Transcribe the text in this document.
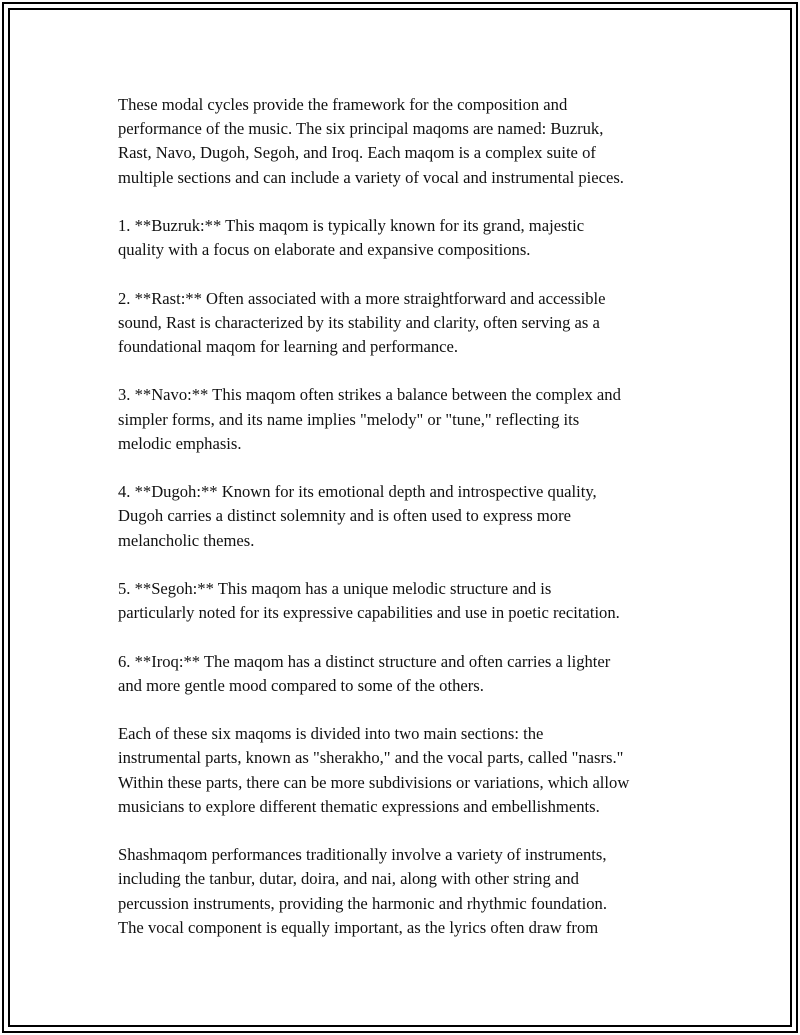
These modal cycles provide the framework for the composition and
performance of the music. The six principal maqoms are named: Buzruk,
Rast, Navo, Dugoh, Segoh, and Iroq. Each maqom is a complex suite of
multiple sections and can include a variety of vocal and instrumental pieces.

1. **Buzruk:** This maqom is typically known for its grand, majestic
quality with a focus on elaborate and expansive compositions.

2. **Rast:** Often associated with a more straightforward and accessible
sound, Rast is characterized by its stability and clarity, often serving as a
foundational maqom for learning and performance.

3. **Navo:** This maqom often strikes a balance between the complex and
simpler forms, and its name implies "melody" or "tune," reflecting its
melodic emphasis.

4. **Dugoh:** Known for its emotional depth and introspective quality,
Dugoh carries a distinct solemnity and is often used to express more
melancholic themes.

5. **Segoh:** This maqom has a unique melodic structure and is
particularly noted for its expressive capabilities and use in poetic recitation.

6. **Iroq:** The maqom has a distinct structure and often carries a lighter
and more gentle mood compared to some of the others.

Each of these six maqoms is divided into two main sections: the
instrumental parts, known as "sherakho," and the vocal parts, called "nasrs."
Within these parts, there can be more subdivisions or variations, which allow
musicians to explore different thematic expressions and embellishments.

Shashmaqom performances traditionally involve a variety of instruments,
including the tanbur, dutar, doira, and nai, along with other string and
percussion instruments, providing the harmonic and rhythmic foundation.
The vocal component is equally important, as the lyrics often draw from
